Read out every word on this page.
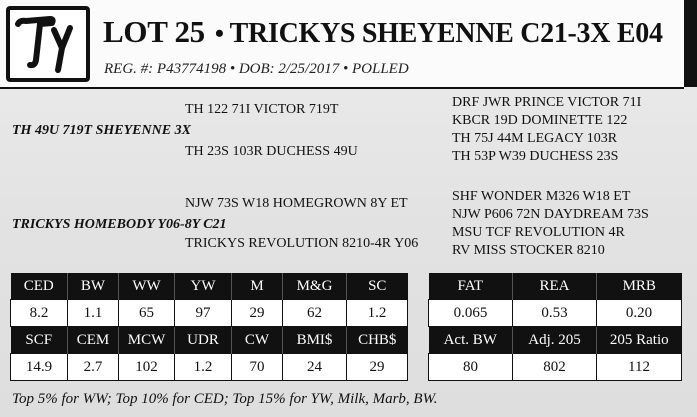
LOT 25 • TRICKYS SHEYENNE C21-3X E04
REG. #: P43774198 • DOB: 2/25/2017 • POLLED
TH 122 71I VICTOR 719T
TH 49U 719T SHEYENNE 3X
TH 23S 103R DUCHESS 49U
DRF JWR PRINCE VICTOR 71I
KBCR 19D DOMINETTE 122
TH 75J 44M LEGACY 103R
TH 53P W39 DUCHESS 23S
NJW 73S W18 HOMEGROWN 8Y ET
TRICKYS HOMEBODY Y06-8Y C21
TRICKYS REVOLUTION 8210-4R Y06
SHF WONDER M326 W18 ET
NJW P606 72N DAYDREAM 73S
MSU TCF REVOLUTION 4R
RV MISS STOCKER 8210
CED	BW	WW	YW	M	M&G	SC
8.2	1.1	65	97	29	62	1.2
SCF	CEM	MCW	UDR	CW	BMI$	CHB$
14.9	2.7	102	1.2	70	24	29
FAT	REA	MRB
0.065	0.53	0.20
Act. BW	Adj. 205	205 Ratio
80	802	112
Top 5% for WW; Top 10% for CED; Top 15% for YW, Milk, Marb, BW.
